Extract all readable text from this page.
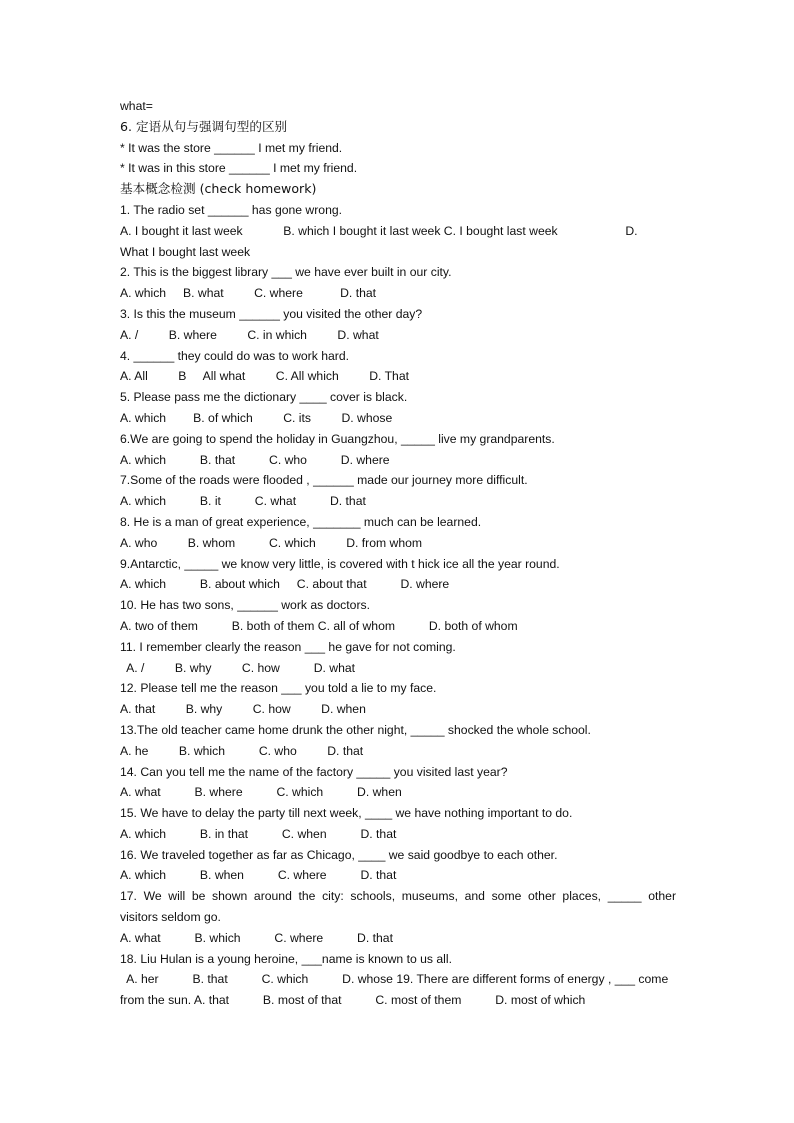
what=
6. 定语从句与强调句型的区别
* It was the store ______ I met my friend.
* It was in this store ______ I met my friend.
基本概念检测 (check homework)
1. The radio set ______ has gone wrong.
A. I bought it last week            B. which I bought it last week C. I bought last week                    D.
What I bought last week
2. This is the biggest library ___ we have ever built in our city.
A. which     B. what         C. where           D. that
3. Is this the museum ______ you visited the other day?
A. /         B. where         C. in which         D. what
4. ______ they could do was to work hard.
A. All         B     All what         C. All which         D. That
5. Please pass me the dictionary ____ cover is black.
A. which        B. of which         C. its         D. whose
6.We are going to spend the holiday in Guangzhou, _____ live my grandparents.
A. which          B. that          C. who          D. where
7.Some of the roads were flooded , ______ made our journey more difficult.
A. which          B. it          C. what          D. that
8. He is a man of great experience, _______ much can be learned.
A. who         B. whom          C. which         D. from whom
9.Antarctic, _____ we know very little, is covered with t hick ice all the year round.
A. which          B. about which     C. about that          D. where
10. He has two sons, ______ work as doctors.
A. two of them          B. both of them C. all of whom          D. both of whom
11. I remember clearly the reason ___ he gave for not coming.
A. /         B. why         C. how          D. what
12. Please tell me the reason ___ you told a lie to my face.
A. that         B. why         C. how         D. when
13.The old teacher came home drunk the other night, _____ shocked the whole school.
A. he         B. which          C. who         D. that
14. Can you tell me the name of the factory _____ you visited last year?
A. what          B. where          C. which          D. when
15. We have to delay the party till next week, ____ we have nothing important to do.
A. which          B. in that          C. when          D. that
16. We traveled together as far as Chicago, ____ we said goodbye to each other.
A. which          B. when          C. where          D. that
17. We will be shown around the city: schools, museums, and some other places, _____ other
visitors seldom go.
A. what          B. which          C. where          D. that
18. Liu Hulan is a young heroine, ___name is known to us all.
A. her          B. that          C. which          D. whose 19. There are different forms of energy , ___ come
from the sun. A. that          B. most of that          C. most of them          D. most of which
